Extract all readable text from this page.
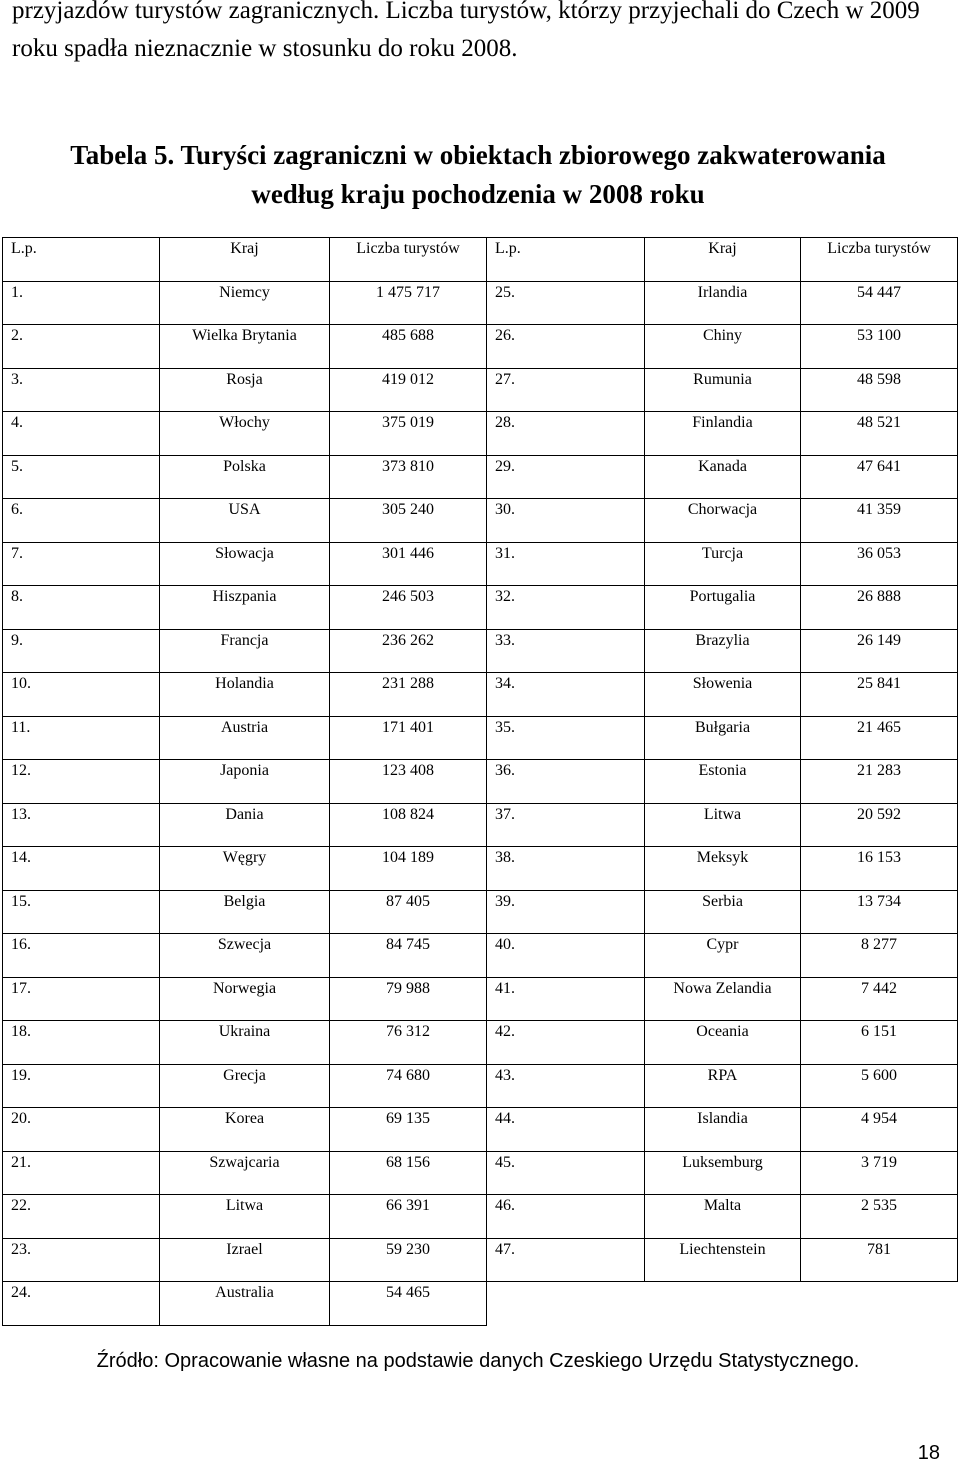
przyjazdów turystów zagranicznych. Liczba turystów, którzy przyjechali do Czech w 2009 roku spadła nieznacznie w stosunku do roku 2008.

Tabela 5. Turyści zagraniczni w obiektach zbiorowego zakwaterowania
według kraju pochodzenia w 2008 roku
L.p.	Kraj	Liczba turystów	L.p.	Kraj	Liczba turystów
1.	Niemcy	1 475 717	25.	Irlandia	54 447
2.	Wielka Brytania	485 688	26.	Chiny	53 100
3.	Rosja	419 012	27.	Rumunia	48 598
4.	Włochy	375 019	28.	Finlandia	48 521
5.	Polska	373 810	29.	Kanada	47 641
6.	USA	305 240	30.	Chorwacja	41 359
7.	Słowacja	301 446	31.	Turcja	36 053
8.	Hiszpania	246 503	32.	Portugalia	26 888
9.	Francja	236 262	33.	Brazylia	26 149
10.	Holandia	231 288	34.	Słowenia	25 841
11.	Austria	171 401	35.	Bułgaria	21 465
12.	Japonia	123 408	36.	Estonia	21 283
13.	Dania	108 824	37.	Litwa	20 592
14.	Węgry	104 189	38.	Meksyk	16 153
15.	Belgia	87 405	39.	Serbia	13 734
16.	Szwecja	84 745	40.	Cypr	8 277
17.	Norwegia	79 988	41.	Nowa Zelandia	7 442
18.	Ukraina	76 312	42.	Oceania	6 151
19.	Grecja	74 680	43.	RPA	5 600
20.	Korea	69 135	44.	Islandia	4 954
21.	Szwajcaria	68 156	45.	Luksemburg	3 719
22.	Litwa	66 391	46.	Malta	2 535
23.	Izrael	59 230	47.	Liechtenstein	781
24.	Australia	54 465			

Źródło: Opracowanie własne na podstawie danych Czeskiego Urzędu Statystycznego.

18
